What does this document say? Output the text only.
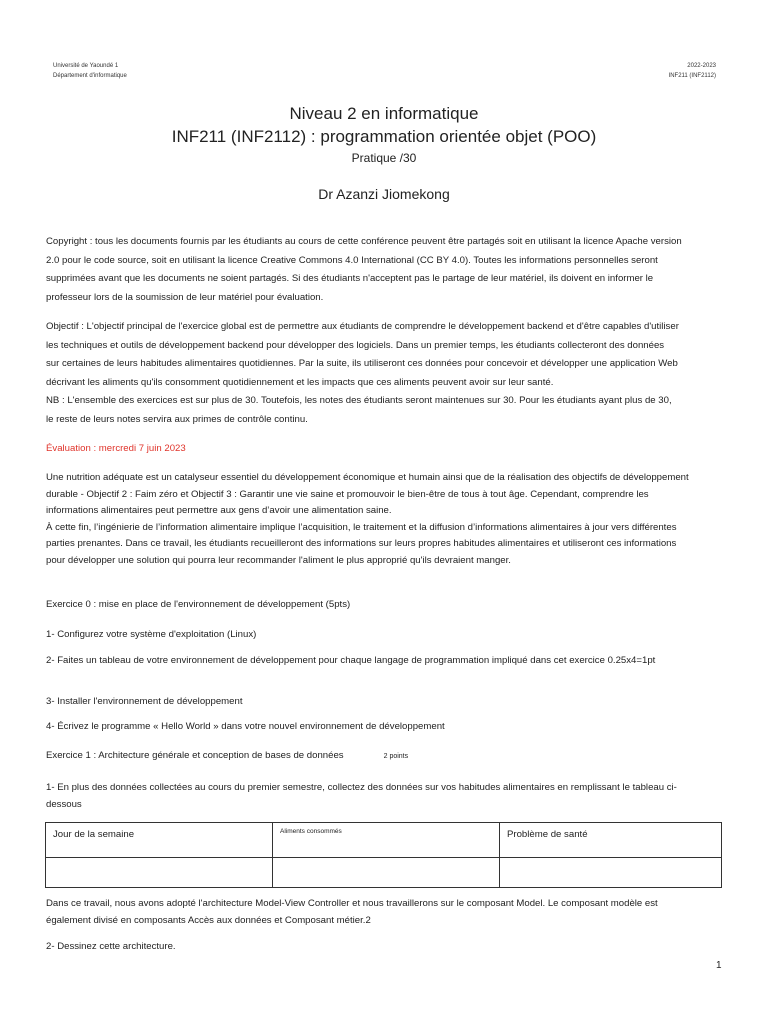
Université de Yaoundé 1
Département d'informatique
2022-2023
INF211 (INF2112)
Niveau 2 en informatique
INF211 (INF2112) : programmation orientée objet (POO)
Pratique /30
Dr Azanzi Jiomekong

Copyright : tous les documents fournis par les étudiants au cours de cette conférence peuvent être partagés soit en utilisant la licence Apache version
2.0 pour le code source, soit en utilisant la licence Creative Commons 4.0 International (CC BY 4.0). Toutes les informations personnelles seront
supprimées avant que les documents ne soient partagés. Si des étudiants n'acceptent pas le partage de leur matériel, ils doivent en informer le
professeur lors de la soumission de leur matériel pour évaluation.

Objectif : L'objectif principal de l'exercice global est de permettre aux étudiants de comprendre le développement backend et d'être capables d'utiliser
les techniques et outils de développement backend pour développer des logiciels. Dans un premier temps, les étudiants collecteront des données
sur certaines de leurs habitudes alimentaires quotidiennes. Par la suite, ils utiliseront ces données pour concevoir et développer une application Web
décrivant les aliments qu'ils consomment quotidiennement et les impacts que ces aliments peuvent avoir sur leur santé.

NB : L'ensemble des exercices est sur plus de 30. Toutefois, les notes des étudiants seront maintenues sur 30. Pour les étudiants ayant plus de 30,
le reste de leurs notes servira aux primes de contrôle continu.

Évaluation : mercredi 7 juin 2023

Une nutrition adéquate est un catalyseur essentiel du développement économique et humain ainsi que de la réalisation des objectifs de développement
durable - Objectif 2 : Faim zéro et Objectif 3 : Garantir une vie saine et promouvoir le bien-être de tous à tout âge. Cependant, comprendre les
informations alimentaires peut permettre aux gens d’avoir une alimentation saine.
À cette fin, l’ingénierie de l’information alimentaire implique l’acquisition, le traitement et la diffusion d’informations alimentaires à jour vers différentes
parties prenantes. Dans ce travail, les étudiants recueilleront des informations sur leurs propres habitudes alimentaires et utiliseront ces informations
pour développer une solution qui pourra leur recommander l'aliment le plus approprié qu'ils devraient manger.

Exercice 0 : mise en place de l'environnement de développement (5pts)

1- Configurez votre système d'exploitation (Linux)

2- Faites un tableau de votre environnement de développement pour chaque langage de programmation impliqué dans cet exercice 0.25x4=1pt

3- Installer l'environnement de développement

4- Écrivez le programme « Hello World » dans votre nouvel environnement de développement

Exercice 1 : Architecture générale et conception de bases de données	2 points

1- En plus des données collectées au cours du premier semestre, collectez des données sur vos habitudes alimentaires en remplissant le tableau ci-
dessous

Jour de la semaine	Aliments consommés	Problème de santé

Dans ce travail, nous avons adopté l'architecture Model-View Controller et nous travaillerons sur le composant Model. Le composant modèle est
également divisé en composants Accès aux données et Composant métier.2

2- Dessinez cette architecture.

1
